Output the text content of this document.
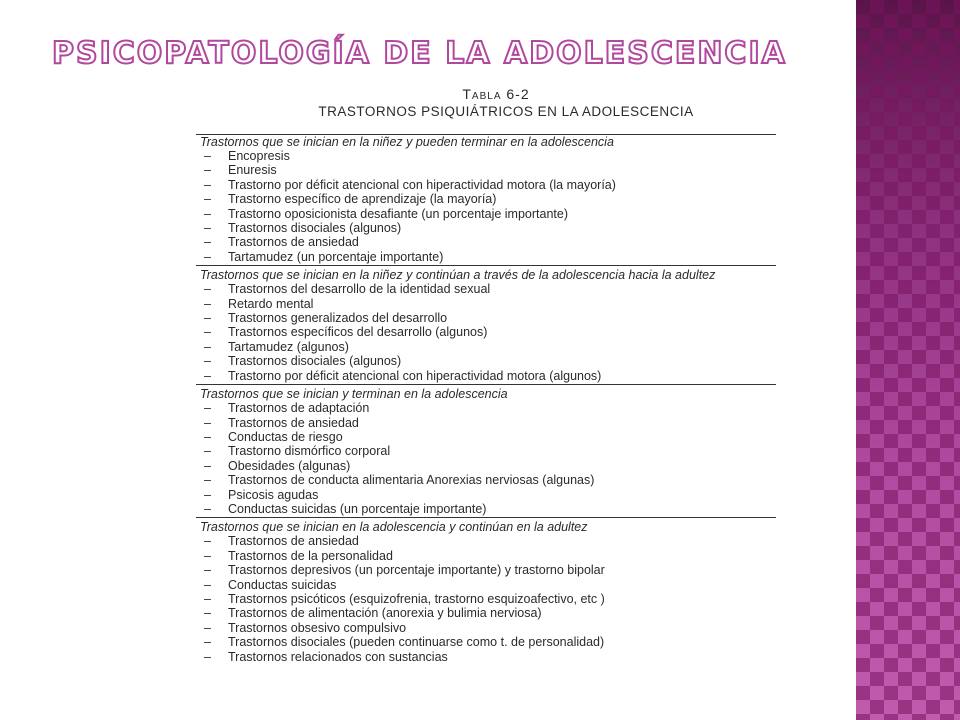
PSICOPATOLOGÍA DE LA ADOLESCENCIA
Tabla 6-2
TRASTORNOS PSIQUIÁTRICOS EN LA ADOLESCENCIA
Trastornos que se inician en la niñez y pueden terminar en la adolescencia
– Encopresis
– Enuresis
– Trastorno por déficit atencional con hiperactividad motora (la mayoría)
– Trastorno específico de aprendizaje (la mayoría)
– Trastorno oposicionista desafiante (un porcentaje importante)
– Trastornos disociales (algunos)
– Trastornos de ansiedad
– Tartamudez (un porcentaje importante)
Trastornos que se inician en la niñez y continúan a través de la adolescencia hacia la adultez
– Trastornos del desarrollo de la identidad sexual
– Retardo mental
– Trastornos generalizados del desarrollo
– Trastornos específicos del desarrollo (algunos)
– Tartamudez (algunos)
– Trastornos disociales (algunos)
– Trastorno por déficit atencional con hiperactividad motora (algunos)
Trastornos que se inician y terminan en la adolescencia
– Trastornos de adaptación
– Trastornos de ansiedad
– Conductas de riesgo
– Trastorno dismórfico corporal
– Obesidades (algunas)
– Trastornos de conducta alimentaria Anorexias nerviosas (algunas)
– Psicosis agudas
– Conductas suicidas (un porcentaje importante)
Trastornos que se inician en la adolescencia y continúan en la adultez
– Trastornos de ansiedad
– Trastornos de la personalidad
– Trastornos depresivos (un porcentaje importante) y trastorno bipolar
– Conductas suicidas
– Trastornos psicóticos (esquizofrenia, trastorno esquizoafectivo, etc )
– Trastornos de alimentación (anorexia y bulimia nerviosa)
– Trastornos obsesivo compulsivo
– Trastornos disociales (pueden continuarse como t. de personalidad)
– Trastornos relacionados con sustancias
